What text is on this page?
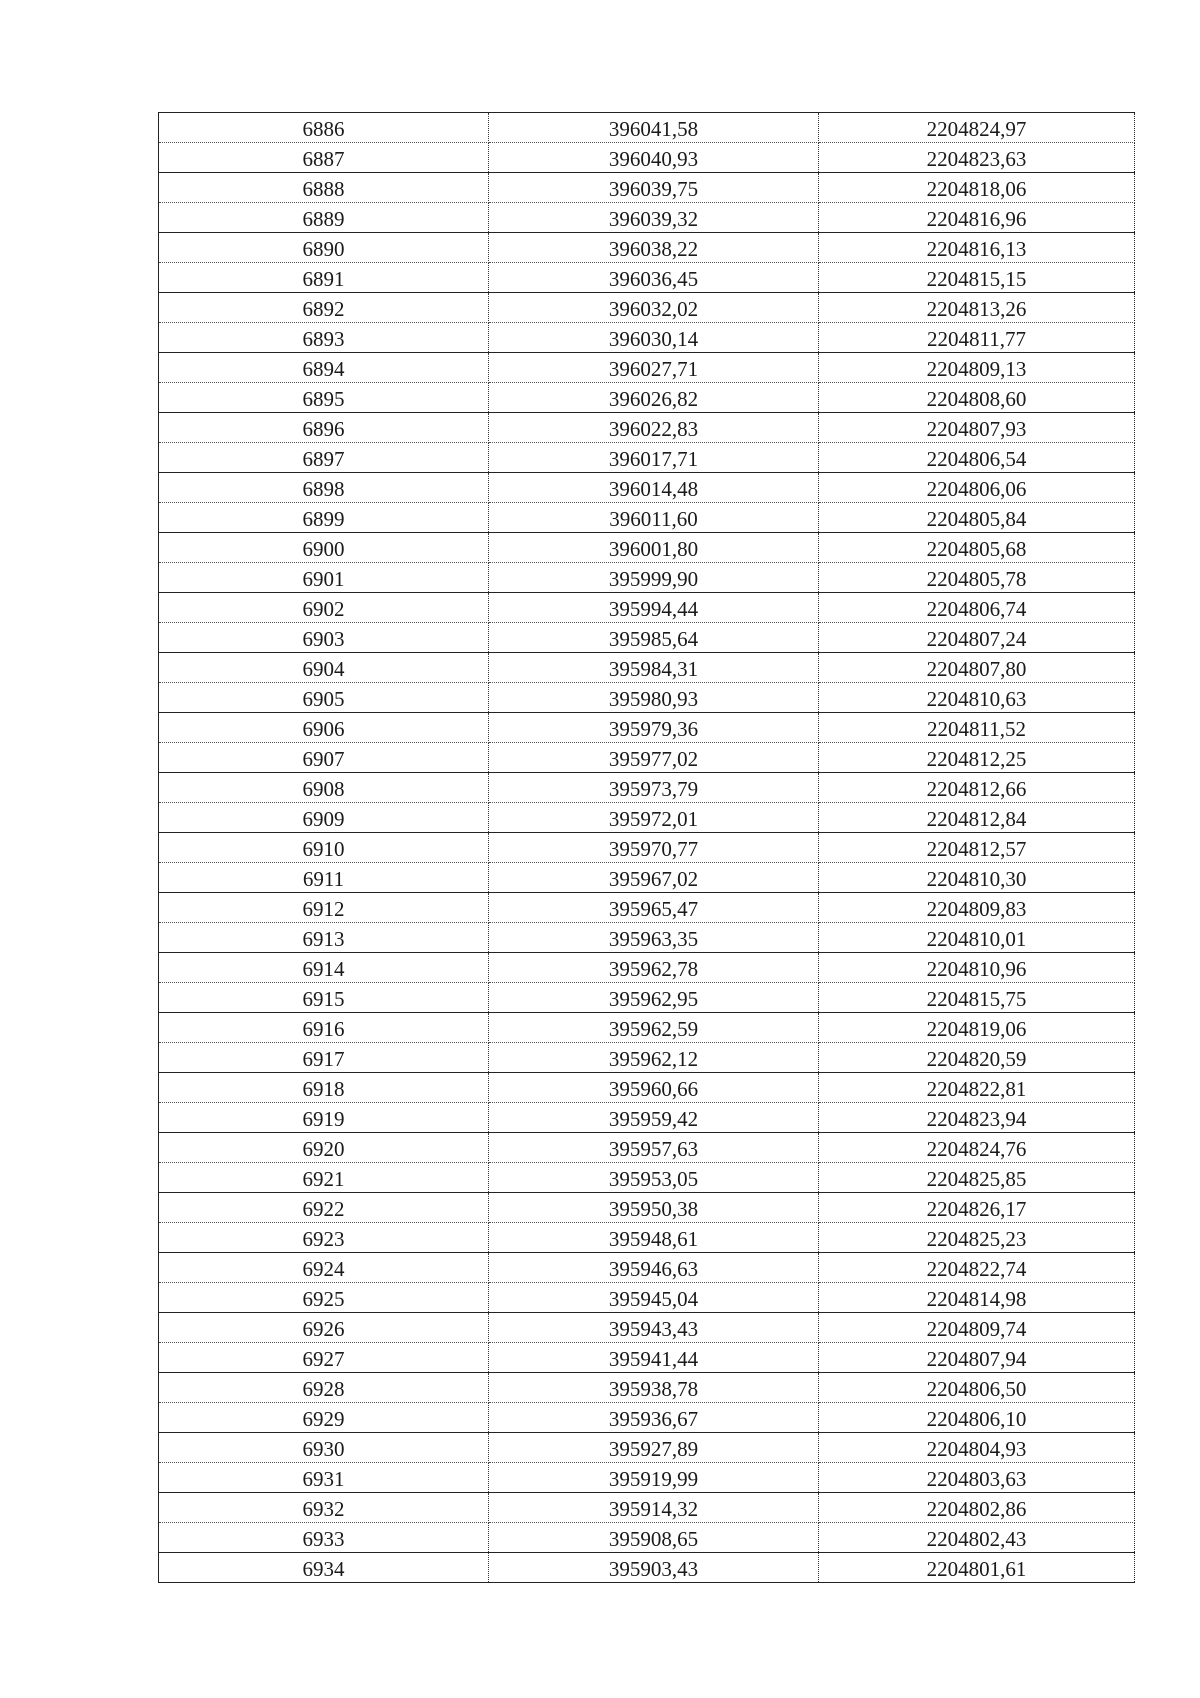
6886	396041,58	2204824,97
6887	396040,93	2204823,63
6888	396039,75	2204818,06
6889	396039,32	2204816,96
6890	396038,22	2204816,13
6891	396036,45	2204815,15
6892	396032,02	2204813,26
6893	396030,14	2204811,77
6894	396027,71	2204809,13
6895	396026,82	2204808,60
6896	396022,83	2204807,93
6897	396017,71	2204806,54
6898	396014,48	2204806,06
6899	396011,60	2204805,84
6900	396001,80	2204805,68
6901	395999,90	2204805,78
6902	395994,44	2204806,74
6903	395985,64	2204807,24
6904	395984,31	2204807,80
6905	395980,93	2204810,63
6906	395979,36	2204811,52
6907	395977,02	2204812,25
6908	395973,79	2204812,66
6909	395972,01	2204812,84
6910	395970,77	2204812,57
6911	395967,02	2204810,30
6912	395965,47	2204809,83
6913	395963,35	2204810,01
6914	395962,78	2204810,96
6915	395962,95	2204815,75
6916	395962,59	2204819,06
6917	395962,12	2204820,59
6918	395960,66	2204822,81
6919	395959,42	2204823,94
6920	395957,63	2204824,76
6921	395953,05	2204825,85
6922	395950,38	2204826,17
6923	395948,61	2204825,23
6924	395946,63	2204822,74
6925	395945,04	2204814,98
6926	395943,43	2204809,74
6927	395941,44	2204807,94
6928	395938,78	2204806,50
6929	395936,67	2204806,10
6930	395927,89	2204804,93
6931	395919,99	2204803,63
6932	395914,32	2204802,86
6933	395908,65	2204802,43
6934	395903,43	2204801,61
